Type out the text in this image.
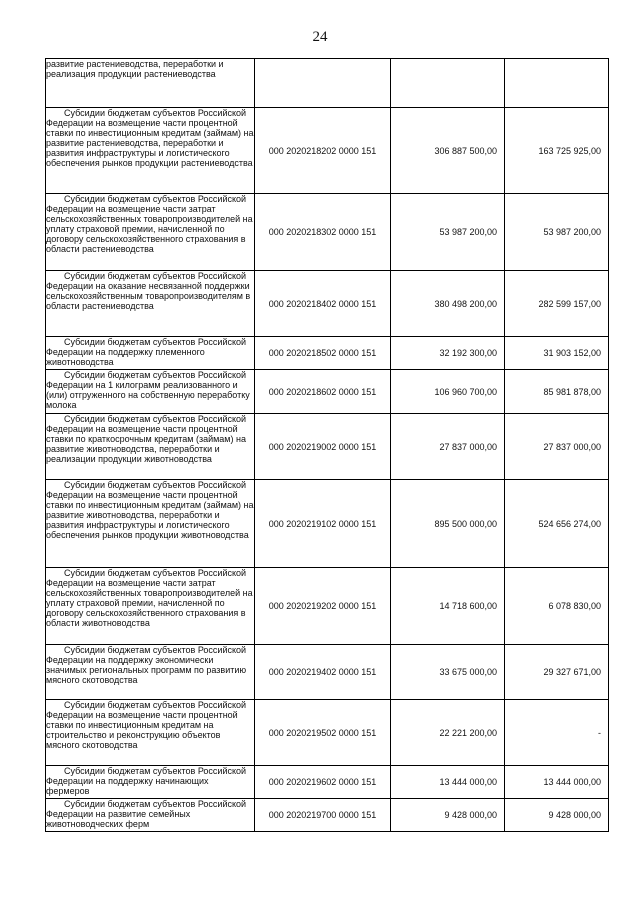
24
развитие растениеводства, переработки и реализация продукции растениеводства			

Субсидии бюджетам субъектов Российской Федерации на возмещение части процентной ставки по инвестиционным кредитам (займам) на развитие растениеводства, переработки и развития инфраструктуры и логистического обеспечения рынков продукции растениеводства	000 2020218202 0000 151	306 887 500,00	163 725 925,00

Субсидии бюджетам субъектов Российской Федерации на возмещение части затрат сельскохозяйственных товаропроизводителей на уплату страховой премии, начисленной по договору сельскохозяйственного страхования в области растениеводства	000 2020218302 0000 151	53 987 200,00	53 987 200,00

Субсидии бюджетам субъектов Российской Федерации на оказание несвязанной поддержки сельскохозяйственным товаропроизводителям в области растениеводства	000 2020218402 0000 151	380 498 200,00	282 599 157,00

Субсидии бюджетам субъектов Российской Федерации на поддержку племенного животноводства	000 2020218502 0000 151	32 192 300,00	31 903 152,00

Субсидии бюджетам субъектов Российской Федерации на 1 килограмм реализованного и (или) отгруженного на собственную переработку молока	000 2020218602 0000 151	106 960 700,00	85 981 878,00

Субсидии бюджетам субъектов Российской Федерации на возмещение части процентной ставки по краткосрочным кредитам (займам) на развитие животноводства, переработки и реализации продукции животноводства	000 2020219002 0000 151	27 837 000,00	27 837 000,00

Субсидии бюджетам субъектов Российской Федерации на возмещение части процентной ставки по инвестиционным кредитам (займам) на развитие животноводства, переработки и развития инфраструктуры и логистического обеспечения рынков продукции животноводства	000 2020219102 0000 151	895 500 000,00	524 656 274,00

Субсидии бюджетам субъектов Российской Федерации на возмещение части затрат сельскохозяйственных товаропроизводителей на уплату страховой премии, начисленной по договору сельскохозяйственного страхования в области животноводства	000 2020219202 0000 151	14 718 600,00	6 078 830,00

Субсидии бюджетам субъектов Российской Федерации на поддержку экономически значимых региональных программ по развитию мясного скотоводства	000 2020219402 0000 151	33 675 000,00	29 327 671,00

Субсидии бюджетам субъектов Российской Федерации на возмещение части процентной ставки по инвестиционным кредитам на строительство и реконструкцию объектов мясного скотоводства	000 2020219502 0000 151	22 221 200,00	-

Субсидии бюджетам субъектов Российской Федерации на поддержку начинающих фермеров	000 2020219602 0000 151	13 444 000,00	13 444 000,00

Субсидии бюджетам субъектов Российской Федерации на развитие семейных животноводческих ферм	000 2020219700 0000 151	9 428 000,00	9 428 000,00
